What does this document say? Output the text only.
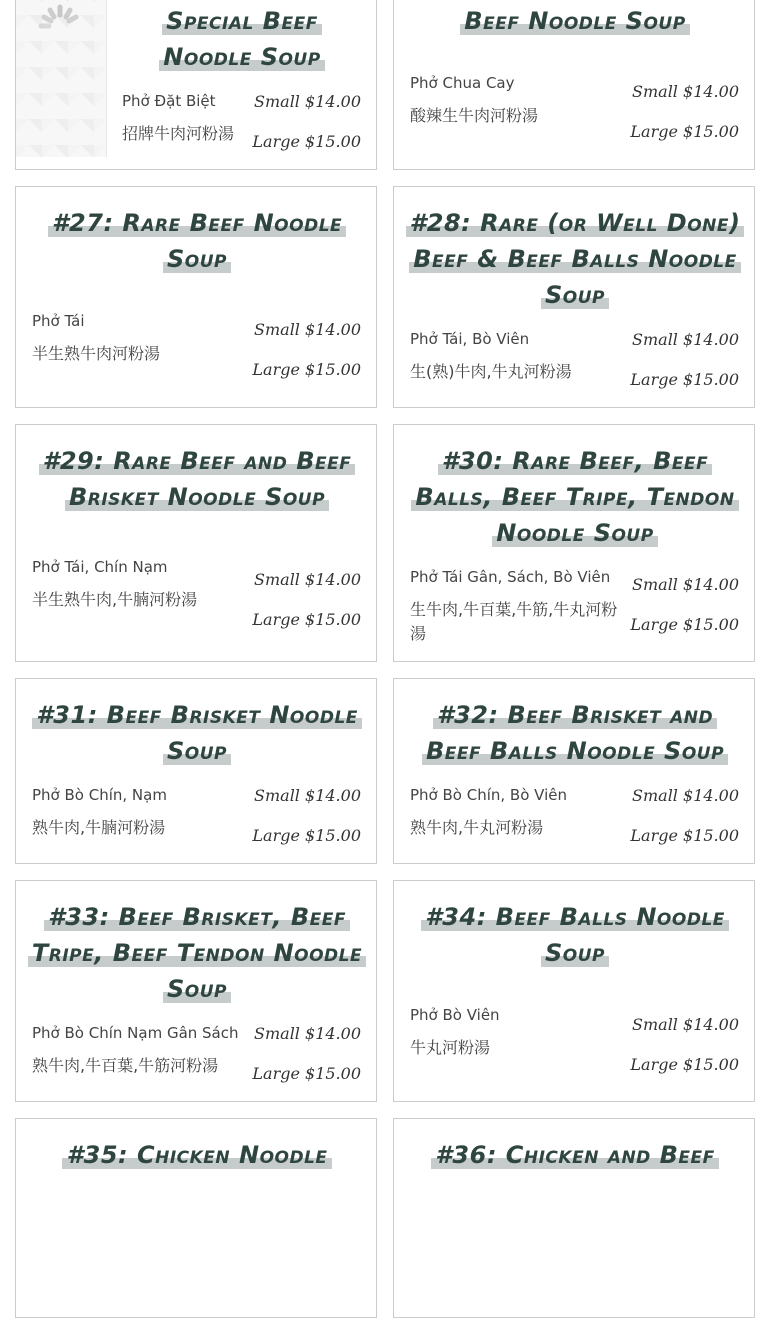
Special Beef
Noodle Soup
Phở Đặt Biệt
招牌牛肉河粉湯
Small $14.00
Large $15.00
Beef Noodle Soup
Phở Chua Cay
酸辣生牛肉河粉湯
Small $14.00
Large $15.00
#27: Rare Beef Noodle
Soup
Phở Tái
半生熟牛肉河粉湯
Small $14.00
Large $15.00
#28: Rare (or Well Done)
Beef & Beef Balls Noodle
Soup
Phở Tái, Bò Viên
生(熟)牛肉,牛丸河粉湯
Small $14.00
Large $15.00
#29: Rare Beef and Beef
Brisket Noodle Soup
Phở Tái, Chín Nạm
半生熟牛肉,牛腩河粉湯
Small $14.00
Large $15.00
#30: Rare Beef, Beef
Balls, Beef Tripe, Tendon
Noodle Soup
Phở Tái Gân, Sách, Bò Viên
生牛肉,牛百葉,牛筋,牛丸河粉湯
Small $14.00
Large $15.00
#31: Beef Brisket Noodle
Soup
Phở Bò Chín, Nạm
熟牛肉,牛腩河粉湯
Small $14.00
Large $15.00
#32: Beef Brisket and
Beef Balls Noodle Soup
Phở Bò Chín, Bò Viên
熟牛肉,牛丸河粉湯
Small $14.00
Large $15.00
#33: Beef Brisket, Beef
Tripe, Beef Tendon Noodle
Soup
Phở Bò Chín Nạm Gân Sách
熟牛肉,牛百葉,牛筋河粉湯
Small $14.00
Large $15.00
#34: Beef Balls Noodle
Soup
Phở Bò Viên
牛丸河粉湯
Small $14.00
Large $15.00
#35: Chicken Noodle	#36: Chicken and Beef
